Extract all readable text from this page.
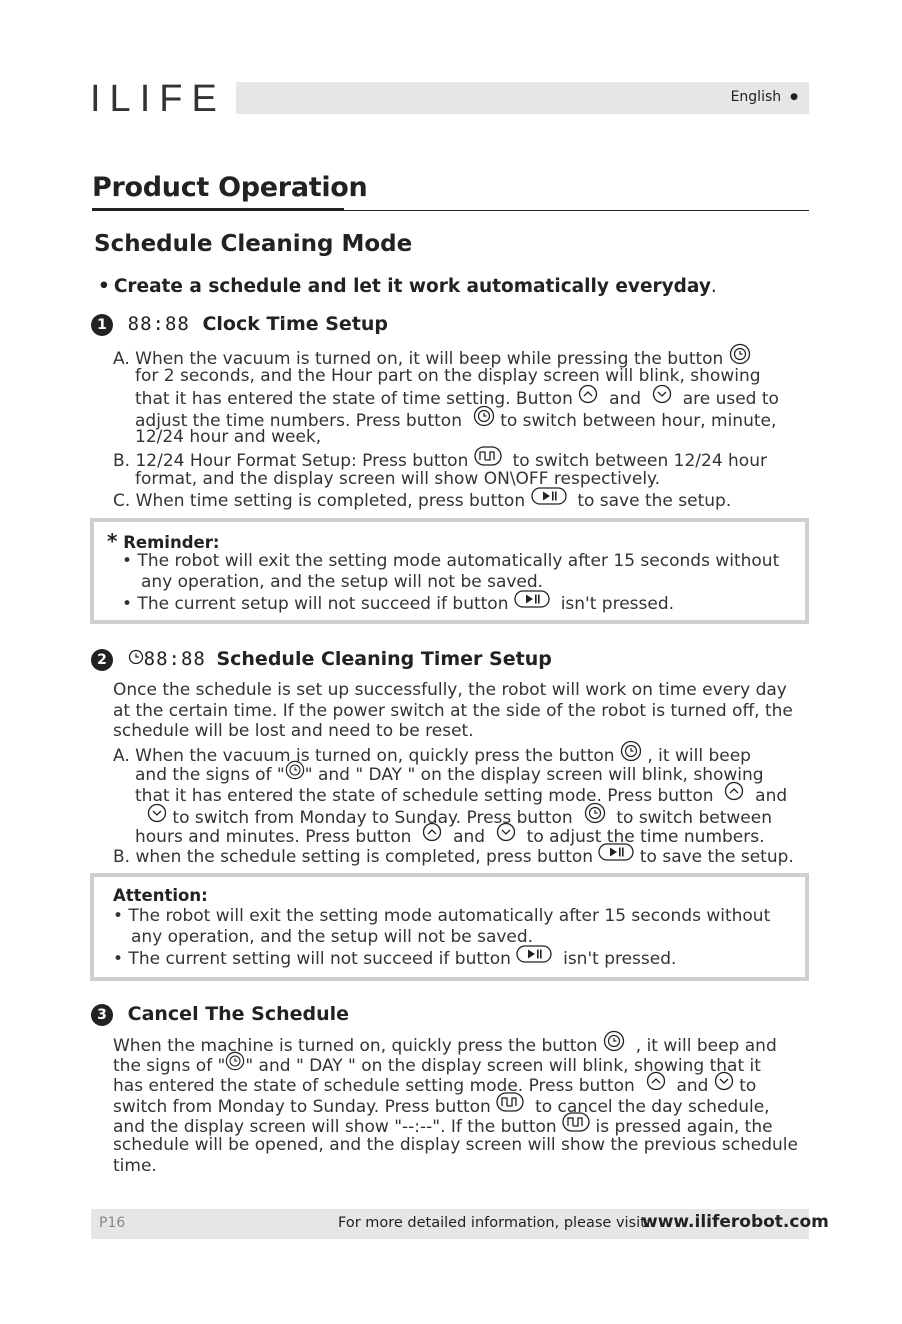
ILIFE	English ●
Product Operation
Schedule Cleaning Mode
• Create a schedule and let it work automatically everyday.
1 88:88 Clock Time Setup
A. When the vacuum is turned on, it will beep while pressing the button
for 2 seconds, and the Hour part on the display screen will blink, showing
that it has entered the state of time setting. Button and are used to
adjust the time numbers. Press button to switch between hour, minute,
12/24 hour and week,
B. 12/24 Hour Format Setup: Press button	to switch between 12/24 hour
format, and the display screen will show ON\OFF respectively.
C. When time setting is completed, press button	to save the setup.
* Reminder:
• The robot will exit the setting mode automatically after 15 seconds without
any operation, and the setup will not be saved.
• The current setup will not succeed if button	isn't pressed.
2 88:88 Schedule Cleaning Timer Setup
Once the schedule is set up successfully, the robot will work on time every day
at the certain time. If the power switch at the side of the robot is turned off, the
schedule will be lost and need to be reset.
A. When the vacuum is turned on, quickly press the button , it will beep
and the signs of " " and " DAY " on the display screen will blink, showing
that it has entered the state of schedule setting mode. Press button and
to switch from Monday to Sunday. Press button	to switch between
hours and minutes. Press button and to adjust the time numbers.
B. when the schedule setting is completed, press button	to save the setup.
Attention:
• The robot will exit the setting mode automatically after 15 seconds without
any operation, and the setup will not be saved.
• The current setting will not succeed if button	isn't pressed.
3 Cancel The Schedule
When the machine is turned on, quickly press the button , it will beep and
the signs of " " and " DAY " on the display screen will blink, showing that it
has entered the state of schedule setting mode. Press button and to
switch from Monday to Sunday. Press button	to cancel the day schedule,
and the display screen will show "--:--". If the button is pressed again, the
schedule will be opened, and the display screen will show the previous schedule
time.
P16	For more detailed information, please visit:
www.iliferobot.com
